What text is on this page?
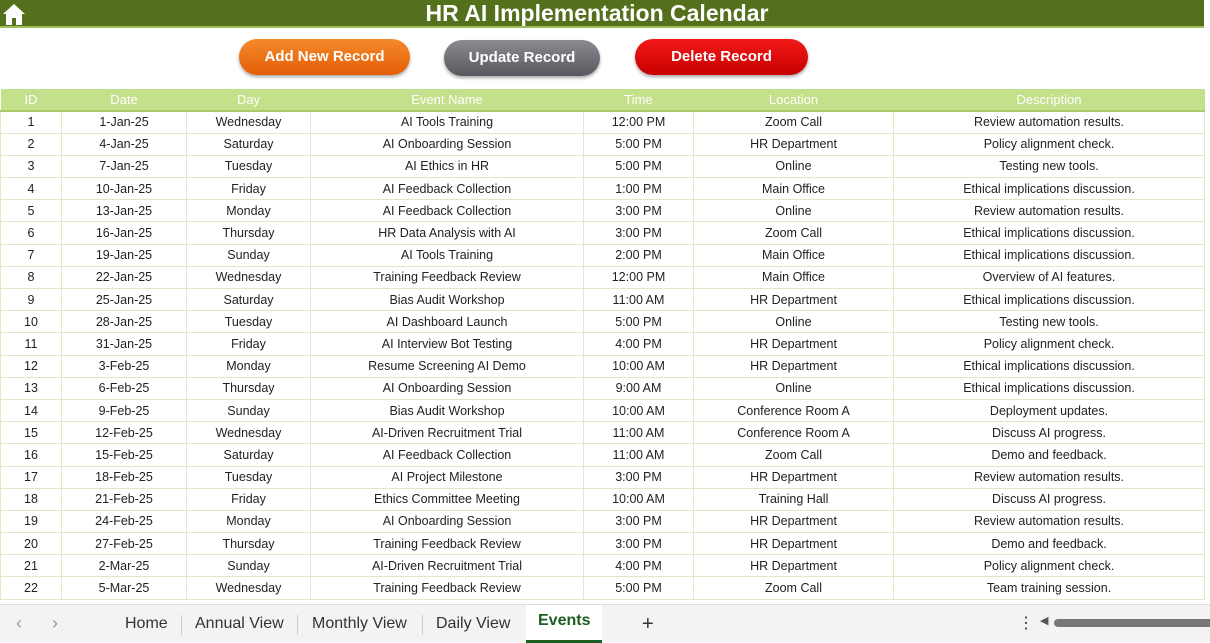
HR AI Implementation Calendar
Add New Record	Update Record	Delete Record
ID	Date	Day	Event Name	Time	Location	Description
1	1-Jan-25	Wednesday	AI Tools Training	12:00 PM	Zoom Call	Review automation results.
2	4-Jan-25	Saturday	AI Onboarding Session	5:00 PM	HR Department	Policy alignment check.
3	7-Jan-25	Tuesday	AI Ethics in HR	5:00 PM	Online	Testing new tools.
4	10-Jan-25	Friday	AI Feedback Collection	1:00 PM	Main Office	Ethical implications discussion.
5	13-Jan-25	Monday	AI Feedback Collection	3:00 PM	Online	Review automation results.
6	16-Jan-25	Thursday	HR Data Analysis with AI	3:00 PM	Zoom Call	Ethical implications discussion.
7	19-Jan-25	Sunday	AI Tools Training	2:00 PM	Main Office	Ethical implications discussion.
8	22-Jan-25	Wednesday	Training Feedback Review	12:00 PM	Main Office	Overview of AI features.
9	25-Jan-25	Saturday	Bias Audit Workshop	11:00 AM	HR Department	Ethical implications discussion.
10	28-Jan-25	Tuesday	AI Dashboard Launch	5:00 PM	Online	Testing new tools.
11	31-Jan-25	Friday	AI Interview Bot Testing	4:00 PM	HR Department	Policy alignment check.
12	3-Feb-25	Monday	Resume Screening AI Demo	10:00 AM	HR Department	Ethical implications discussion.
13	6-Feb-25	Thursday	AI Onboarding Session	9:00 AM	Online	Ethical implications discussion.
14	9-Feb-25	Sunday	Bias Audit Workshop	10:00 AM	Conference Room A	Deployment updates.
15	12-Feb-25	Wednesday	AI-Driven Recruitment Trial	11:00 AM	Conference Room A	Discuss AI progress.
16	15-Feb-25	Saturday	AI Feedback Collection	11:00 AM	Zoom Call	Demo and feedback.
17	18-Feb-25	Tuesday	AI Project Milestone	3:00 PM	HR Department	Review automation results.
18	21-Feb-25	Friday	Ethics Committee Meeting	10:00 AM	Training Hall	Discuss AI progress.
19	24-Feb-25	Monday	AI Onboarding Session	3:00 PM	HR Department	Review automation results.
20	27-Feb-25	Thursday	Training Feedback Review	3:00 PM	HR Department	Demo and feedback.
21	2-Mar-25	Sunday	AI-Driven Recruitment Trial	4:00 PM	HR Department	Policy alignment check.
22	5-Mar-25	Wednesday	Training Feedback Review	5:00 PM	Zoom Call	Team training session.
‹ ›	Home	Annual View	Monthly View	Daily View	Events	+	⋮ ◀
